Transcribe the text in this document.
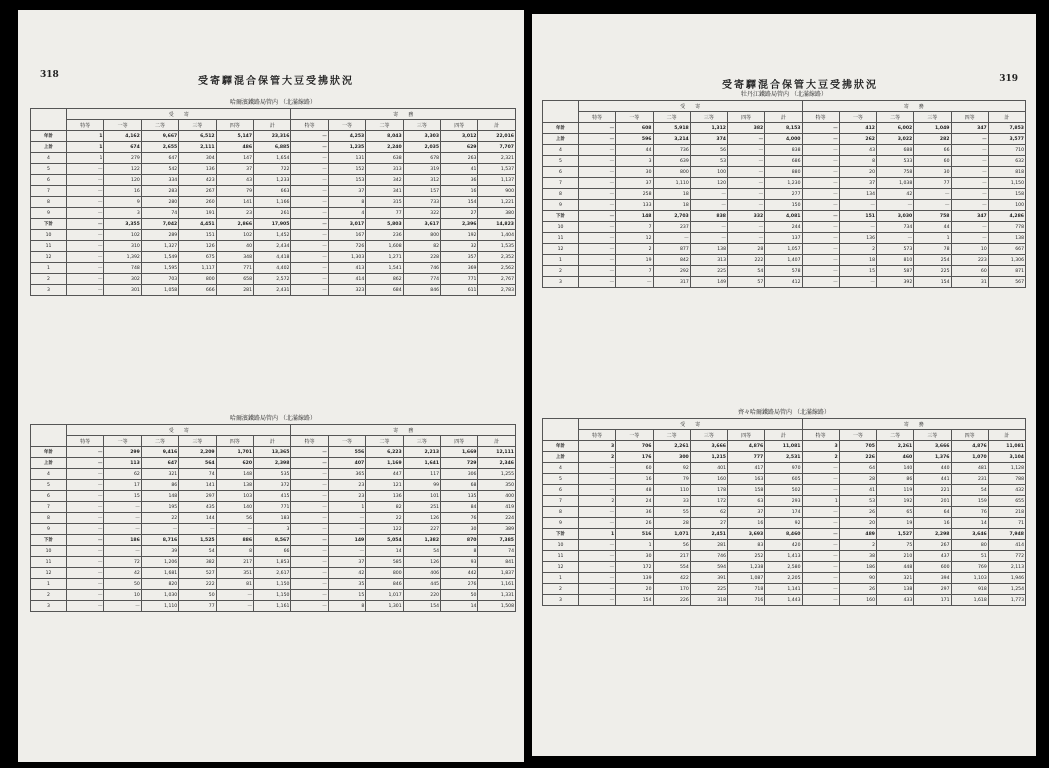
318
受寄驛混合保管大豆受拂狀況
哈爾濱鐵路局管内 （北滿線路）
	受　　寄						寄　　務					
	特等	一等	二等	三等	四等	計	特等	一等	二等	三等	四等	計
年計	1	4,162	9,667	6,512	5,147	23,316	—	4,253	8,043	3,303	3,012	22,016
上計	1	674	2,655	2,111	486	6,885	—	1,235	2,240	2,035	629	7,707
4	1	279	647	304	147	1,654	—	131	638	678	263	2,321
5	—	122	542	136	37	722	—	152	313	319	41	1,537
6	—	120	334	423	43	1,233	—	153	342	312	36	1,137
7	—	16	283	267	79	663	—	37	341	157	16	900
8	—	9	280	260	141	1,166	—	8	315	733	154	1,221
9	—	3	74	191	23	261	—	4	77	322	27	380
下計	—	3,355	7,042	4,451	2,866	17,905	—	3,017	5,803	3,617	2,396	14,823
10	—	102	289	151	102	1,452	—	167	236	800	192	1,404
11	—	310	1,327	126	40	2,434	—	726	1,608	82	32	1,535
12	—	1,392	1,549	675	348	4,418	—	1,303	1,271	228	357	2,352
1	—	748	1,595	1,117	771	4,402	—	413	1,541	746	369	2,562
2	—	302	703	800	658	2,572	—	414	862	774	771	2,767
3	—	301	1,058	666	281	2,431	—	323	684	846	611	2,783
哈爾濱鐵路局管内 （北滿線路）
	受　　寄						寄　　務					
	特等	一等	二等	三等	四等	計	特等	一等	二等	三等	四等	計
年計	—	299	9,416	2,209	1,701	13,365	—	556	6,223	2,213	1,669	12,111
上計	—	113	647	564	620	2,398	—	407	1,169	1,641	729	2,346
4	—	62	321	74	148	535	—	365	447	117	306	1,255
5	—	17	86	141	138	372	—	23	121	99	68	350
6	—	15	148	297	103	415	—	23	136	101	135	400
7	—	—	195	435	140	771	—	1	82	251	84	419
8	—	—	22	144	56	183	—	—	22	126	76	224
9	—	—	—	—	—	3	—	—	122	227	30	389
下計	—	186	8,716	1,525	886	8,567	—	149	5,054	1,382	870	7,385
10	—	—	39	54	8	66	—	—	14	54	8	74
11	—	72	1,206	382	217	1,853	—	37	585	126	93	841
12	—	42	1,681	527	351	2,617	—	42	800	406	442	1,837
1	—	50	820	222	81	1,150	—	35	846	445	276	1,161
2	—	10	1,030	50	—	1,150	—	15	1,017	220	50	1,331
3	—	—	1,110	77	—	1,161	—	8	1,301	154	14	1,508
319
受寄驛混合保管大豆受拂狀況
牡丹江鐵路局管内 （北滿線路）
	受　　寄						寄　　務					
	特等	一等	二等	三等	四等	計	特等	一等	二等	三等	四等	計
年計	—	608	5,918	1,312	382	8,153	—	412	6,002	1,049	347	7,853
上計	—	596	3,214	374	—	4,000	—	262	3,022	282	—	3,577
4	—	44	736	56	—	838	—	43	688	66	—	710
5	—	3	639	53	—	686	—	8	533	60	—	632
6	—	30	800	100	—	880	—	20	758	30	—	818
7	—	37	1,110	120	—	1,230	—	37	1,038	77	—	1,150
8	—	258	18	—	—	277	—	134	42	—	—	158
9	—	133	18	—	—	150	—	—	—	—	—	100
下計	—	148	2,703	838	332	4,081	—	151	3,030	758	347	4,286
10	—	7	237	—	—	244	—	—	734	44	—	778
11	—	12	—	—	—	137	—	136	—	1	—	138
12	—	2	877	138	28	1,057	—	2	573	78	10	667
1	—	19	842	313	222	1,407	—	18	810	254	223	1,306
2	—	7	292	225	54	578	—	15	587	225	60	871
3	—	—	317	149	57	412	—	—	392	154	31	567
齊々哈爾鐵路局管内 （北滿線路）
	受　　寄						寄　　務					
	特等	一等	二等	三等	四等	計	特等	一等	二等	三等	四等	計
年計	3	706	2,261	3,666	4,876	11,081	3	705	2,261	3,666	4,876	11,081
上計	2	176	300	1,215	777	2,531	2	226	460	1,376	1,070	3,104
4	—	60	92	401	417	970	—	64	140	440	481	1,128
5	—	16	79	160	163	605	—	28	86	441	231	788
6	—	48	110	178	158	502	—	41	119	221	54	432
7	2	24	33	172	63	293	1	53	192	201	159	655
8	—	36	55	62	37	174	—	26	65	64	76	218
9	—	26	28	27	16	92	—	20	19	16	14	71
下計	1	516	1,071	2,451	3,693	8,460	—	489	1,527	2,298	3,646	7,948
10	—	1	56	281	83	420	—	2	75	267	80	414
11	—	30	217	746	252	1,413	—	38	210	437	51	772
12	—	172	554	594	1,238	2,580	—	186	448	600	769	2,113
1	—	139	422	391	1,087	2,205	—	90	321	394	1,103	1,946
2	—	20	170	225	718	1,141	—	26	138	297	918	1,254
3	—	154	226	318	716	1,443	—	160	433	171	1,618	1,773
